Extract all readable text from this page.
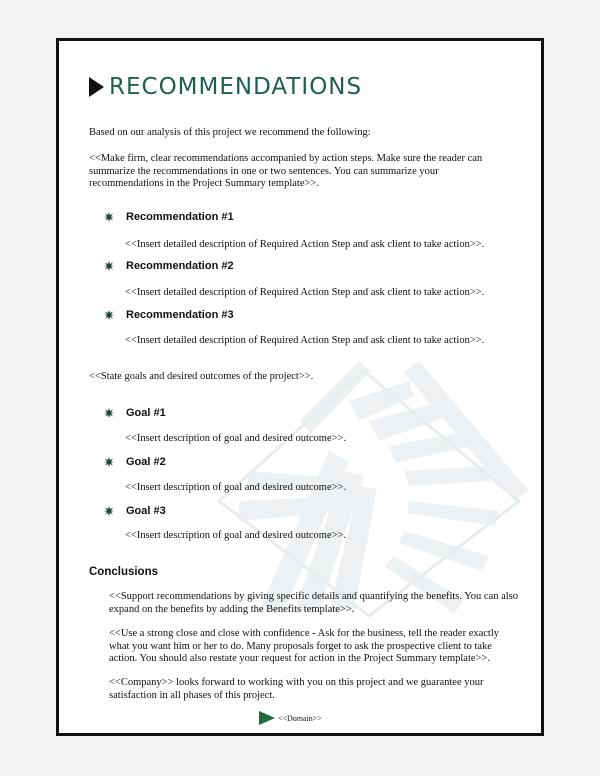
RECOMMENDATIONS
Based on our analysis of this project we recommend the following:
<<Make firm, clear recommendations accompanied by action steps. Make sure the reader can summarize the recommendations in one or two sentences. You can summarize your recommendations in the Project Summary template>>.
Recommendation #1
<<Insert detailed description of Required Action Step and ask client to take action>>.
Recommendation #2
<<Insert detailed description of Required Action Step and ask client to take action>>.
Recommendation #3
<<Insert detailed description of Required Action Step and ask client to take action>>.
<<State goals and desired outcomes of the project>>.
Goal #1
<<Insert description of goal and desired outcome>>.
Goal #2
<<Insert description of goal and desired outcome>>.
Goal #3
<<Insert description of goal and desired outcome>>.
Conclusions
<<Support recommendations by giving specific details and quantifying the benefits. You can also expand on the benefits by adding the Benefits template>>.
<<Use a strong close and close with confidence - Ask for the business, tell the reader exactly what you want him or her to do. Many proposals forget to ask the prospective client to take action. You should also restate your request for action in the Project Summary template>>.
<<Company>> looks forward to working with you on this project and we guarantee your satisfaction in all phases of this project.
<<Domain>>
